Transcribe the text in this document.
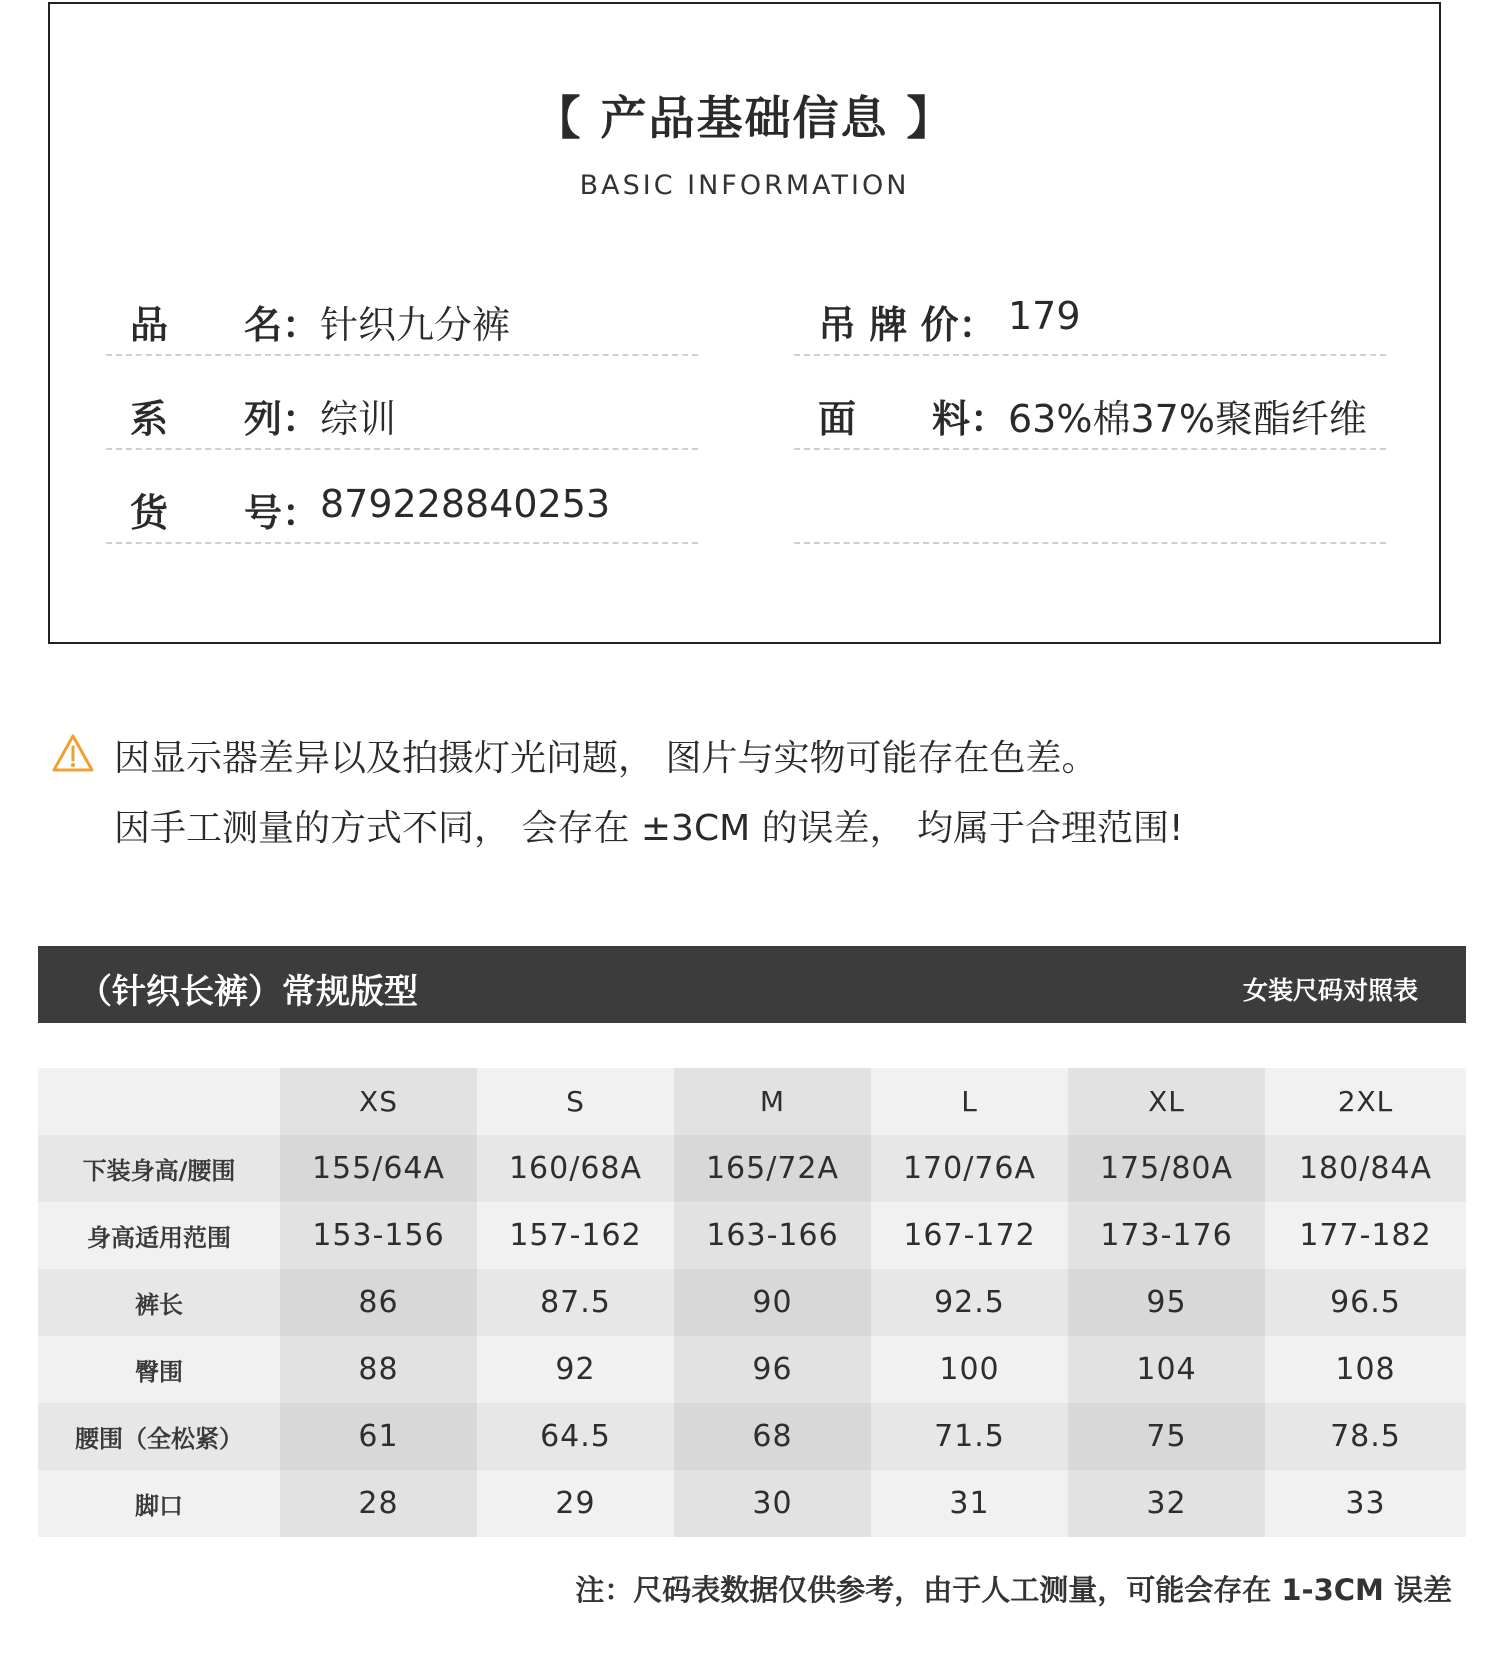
【 产品基础信息 】
BASIC INFORMATION
品　　名： 针织九分裤	吊 牌 价： 179
系　　列： 综训	面　　料： 63%棉37%聚酯纤维
货　　号： 879228840253
因显示器差异以及拍摄灯光问题， 图片与实物可能存在色差。
因手工测量的方式不同， 会存在 ±3CM 的误差， 均属于合理范围!
（针织长裤）常规版型	女装尺码对照表
	XS	S	M	L	XL	2XL
下装身高/腰围	155/64A	160/68A	165/72A	170/76A	175/80A	180/84A
身高适用范围	153-156	157-162	163-166	167-172	173-176	177-182
裤长	86	87.5	90	92.5	95	96.5
臀围	88	92	96	100	104	108
腰围（全松紧）	61	64.5	68	71.5	75	78.5
脚口	28	29	30	31	32	33
注：尺码表数据仅供参考，由于人工测量，可能会存在 1-3CM 误差
